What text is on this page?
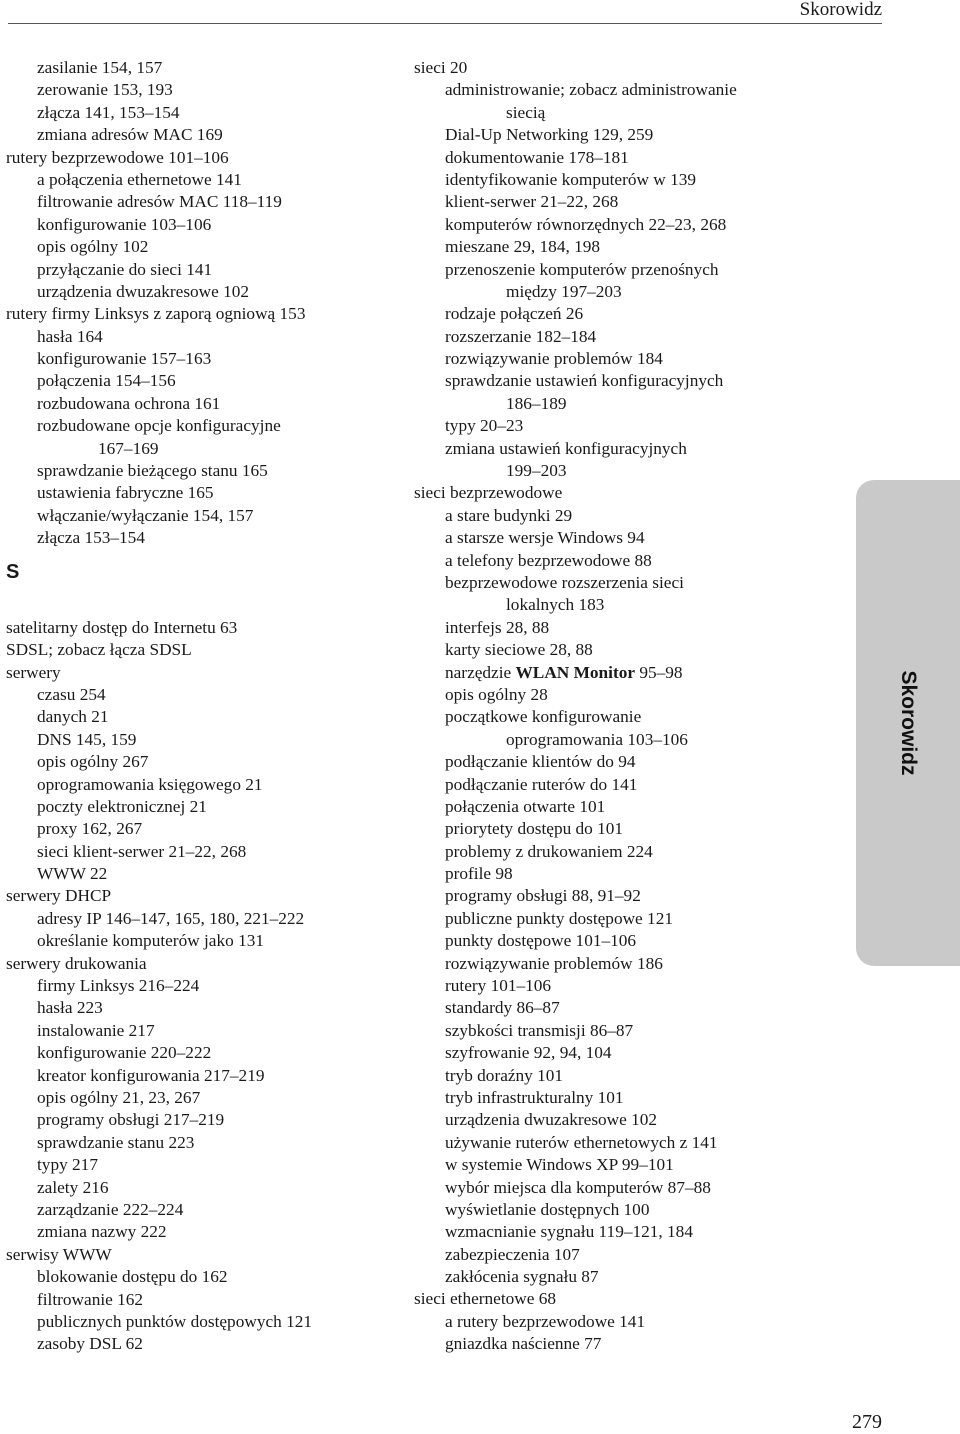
Skorowidz
zasilanie 154, 157
zerowanie 153, 193
złącza 141, 153–154
zmiana adresów MAC 169
rutery bezprzewodowe 101–106
a połączenia ethernetowe 141
filtrowanie adresów MAC 118–119
konfigurowanie 103–106
opis ogólny 102
przyłączanie do sieci 141
urządzenia dwuzakresowe 102
rutery firmy Linksys z zaporą ogniową 153
hasła 164
konfigurowanie 157–163
połączenia 154–156
rozbudowana ochrona 161
rozbudowane opcje konfiguracyjne
167–169
sprawdzanie bieżącego stanu 165
ustawienia fabryczne 165
włączanie/wyłączanie 154, 157
złącza 153–154
S
satelitarny dostęp do Internetu 63
SDSL; zobacz łącza SDSL
serwery
czasu 254
danych 21
DNS 145, 159
opis ogólny 267
oprogramowania księgowego 21
poczty elektronicznej 21
proxy 162, 267
sieci klient-serwer 21–22, 268
WWW 22
serwery DHCP
adresy IP 146–147, 165, 180, 221–222
określanie komputerów jako 131
serwery drukowania
firmy Linksys 216–224
hasła 223
instalowanie 217
konfigurowanie 220–222
kreator konfigurowania 217–219
opis ogólny 21, 23, 267
programy obsługi 217–219
sprawdzanie stanu 223
typy 217
zalety 216
zarządzanie 222–224
zmiana nazwy 222
serwisy WWW
blokowanie dostępu do 162
filtrowanie 162
publicznych punktów dostępowych 121
zasoby DSL 62
sieci 20
administrowanie; zobacz administrowanie
siecią
Dial-Up Networking 129, 259
dokumentowanie 178–181
identyfikowanie komputerów w 139
klient-serwer 21–22, 268
komputerów równorzędnych 22–23, 268
mieszane 29, 184, 198
przenoszenie komputerów przenośnych
między 197–203
rodzaje połączeń 26
rozszerzanie 182–184
rozwiązywanie problemów 184
sprawdzanie ustawień konfiguracyjnych
186–189
typy 20–23
zmiana ustawień konfiguracyjnych
199–203
sieci bezprzewodowe
a stare budynki 29
a starsze wersje Windows 94
a telefony bezprzewodowe 88
bezprzewodowe rozszerzenia sieci
lokalnych 183
interfejs 28, 88
karty sieciowe 28, 88
narzędzie WLAN Monitor 95–98
opis ogólny 28
początkowe konfigurowanie
oprogramowania 103–106
podłączanie klientów do 94
podłączanie ruterów do 141
połączenia otwarte 101
priorytety dostępu do 101
problemy z drukowaniem 224
profile 98
programy obsługi 88, 91–92
publiczne punkty dostępowe 121
punkty dostępowe 101–106
rozwiązywanie problemów 186
rutery 101–106
standardy 86–87
szybkości transmisji 86–87
szyfrowanie 92, 94, 104
tryb doraźny 101
tryb infrastrukturalny 101
urządzenia dwuzakresowe 102
używanie ruterów ethernetowych z 141
w systemie Windows XP 99–101
wybór miejsca dla komputerów 87–88
wyświetlanie dostępnych 100
wzmacnianie sygnału 119–121, 184
zabezpieczenia 107
zakłócenia sygnału 87
sieci ethernetowe 68
a rutery bezprzewodowe 141
gniazdka naścienne 77
Skorowidz
279
